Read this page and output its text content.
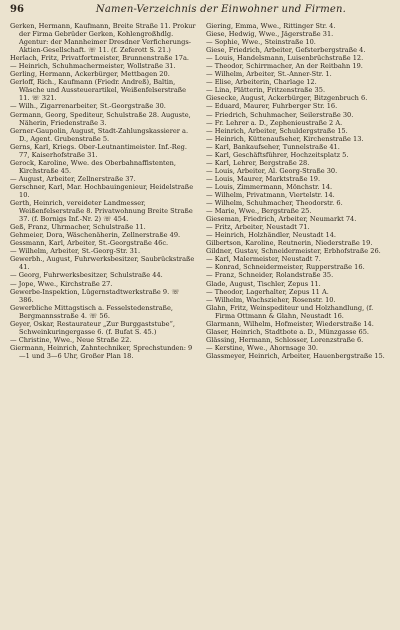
96	Namen-Verzeichnis der Einwohner und Firmen.
Gerken, Hermann, Kaufmann, Breite Straße 11. Prokur der Firma Gebrüder Gerken, Kohlengroßhdlg. Agentur: der Mannheimer Dresdner Verficherungs-Aktien-Gesellschaft. ☏ 11. (f. Zeferott S. 21.)
Herlach, Fritz, Privatfortmeister, Brunnenstraße 17a.
— Heinrich, Schuhmachermeister, Wollstraße 31.
Gerling, Hermann, Ackerbürger, Mettbagen 20.
Gerloff, Rich., Kaufmann (Friedr. Andreß), Baltin, Wäsche und Aussteuerartikel, Weißenfelserstraße 11. ☏ 321.
— Wilh., Zigarrenarbeiter, St.-Georgstraße 30.
Germann, Georg, Spediteur, Schulstraße 28. Auguste, Näherin, Friedenstraße 3.
Gerner-Gaupolin, August, Stadt-Zahlungskassierer a. D., Agent. Grubenstraße 5.
Gerns, Karl, Kriegs. Ober-Leutnantimeister. Inf.-Reg. 77, Kaiserhofstraße 31.
Gerock, Karoline, Wwe. des Oberbahnaffistenten, Kirchstraße 45.
— August, Arbeiter, Zellnerstraße 37.
Gerschner, Karl, Mar. Hochbauingenieur, Heidelstraße 10.
Gerth, Heinrich, vereideter Landmesser, Weißenfelserstraße 8. Privatwohnung Breite Straße 37. (f. Bornigs Inf.-Nr. 2) ☏ 454.
Geß, Franz, Uhrmacher, Schulstraße 11.
Gehmeier, Dora, Wäschenäherin, Zellnerstraße 49.
Gessmann, Karl, Arbeiter, St.-Georgstraße 46c.
— Wilhelm, Arbeiter, St.-Georg-Str. 31.
Gewerbh., August, Fuhrwerksbesitzer, Saubrückstraße 41.
— Georg, Fuhrwerksbesitzer, Schulstraße 44.
— Jope, Wwe., Kirchstraße 27.
Gewerbe-Inspektion, Lügernstadtwerkstraße 9. ☏ 386.
Gewerbliche Mittagstisch a. Fesselstedenstraße, Bergmannsstraße 4. ☏ 56.
Geyer, Oskar, Restaurateur „Zur Burggaststube“, Schweinkuringergasse 6. (f. Bufat S. 45.)
— Christine, Wwe., Neue Straße 22.
Giermann, Heinrich, Zahntechniker, Sprechstunden: 9—1 und 3—6 Uhr, Großer Plan 18.
Giering, Emma, Wwe., Rittinger Str. 4.
Giese, Hedwig, Wwe., Jägerstraße 31.
— Sophie, Wwe., Steinstraße 10.
Giese, Friedrich, Arbeiter, Gefsterbergstraße 4.
— Louis, Handelsmann, Luisenbrüchstraße 12.
— Theodor, Schirrmacher, An der Reitbahn 19.
— Wilhelm, Arbeiter, St.-Anner-Str. 1.
— Elise, Arbeiterin, Charlage 12.
— Lina, Plätterin, Fritzenstraße 35.
Giesecke, August, Ackerbürger, Bitzgenbruch 6.
— Eduard, Maurer, Fuhrberger Str. 16.
— Friedrich, Schuhmacher, Seilerstraße 30.
— Fr. Lehrer a. D., Zephenieustraße 2 A.
— Heinrich, Arbeiter, Schuldergstraße 15.
— Heinrich, Küttenaufseher, Kirchenstraße 13.
— Karl, Bankaufseher, Tunnelstraße 41.
— Karl, Geschäftsführer, Hochzeitsplatz 5.
— Karl, Lehrer, Bergstraße 28.
— Louis, Arbeiter, Al. Georg-Straße 30.
— Louis, Maurer, Marktstraße 19.
— Louis, Zimmermann, Mönchstr. 14.
— Wilhelm, Privatmann, Viertelstr. 14.
— Wilhelm, Schuhmacher, Theodorstr. 6.
— Marie, Wwe., Bergstraße 25.
Gieseman, Friedrich, Arbeiter, Neumarkt 74.
— Fritz, Arbeiter, Neustadt 71.
— Heinrich, Holzhändler, Neustadt 14.
Gilbertson, Karoline, Reutnerin, Niederstraße 19.
Gildner, Gustav, Schneidermeister, Erbhofstraße 26.
— Karl, Malermeister, Neustadt 7.
— Konrad, Schneidermeister, Rupperstraße 16.
— Franz, Schneider, Rolandstraße 35.
Glade, August, Tischler, Zepus 11.
— Theodor, Lagerhalter, Zepus 11 A.
— Wilhelm, Wachszieher, Rosenstr. 10.
Glahn, Fritz, Weinspediteur und Holzhandlung, (f. Firma Ottmann & Glahn, Neustadt 16.
Glarmann, Wilhelm, Hofmeister, Wiederstraße 14.
Glaser, Heinrich, Stadtbote a. D., Münzgasse 65.
Glässing, Hermann, Schlosser, Lorenzstraße 6.
— Kerstine, Wwe., Ahornsage 30.
Glassmeyer, Heinrich, Arbeiter, Hauenbergstraße 15.
